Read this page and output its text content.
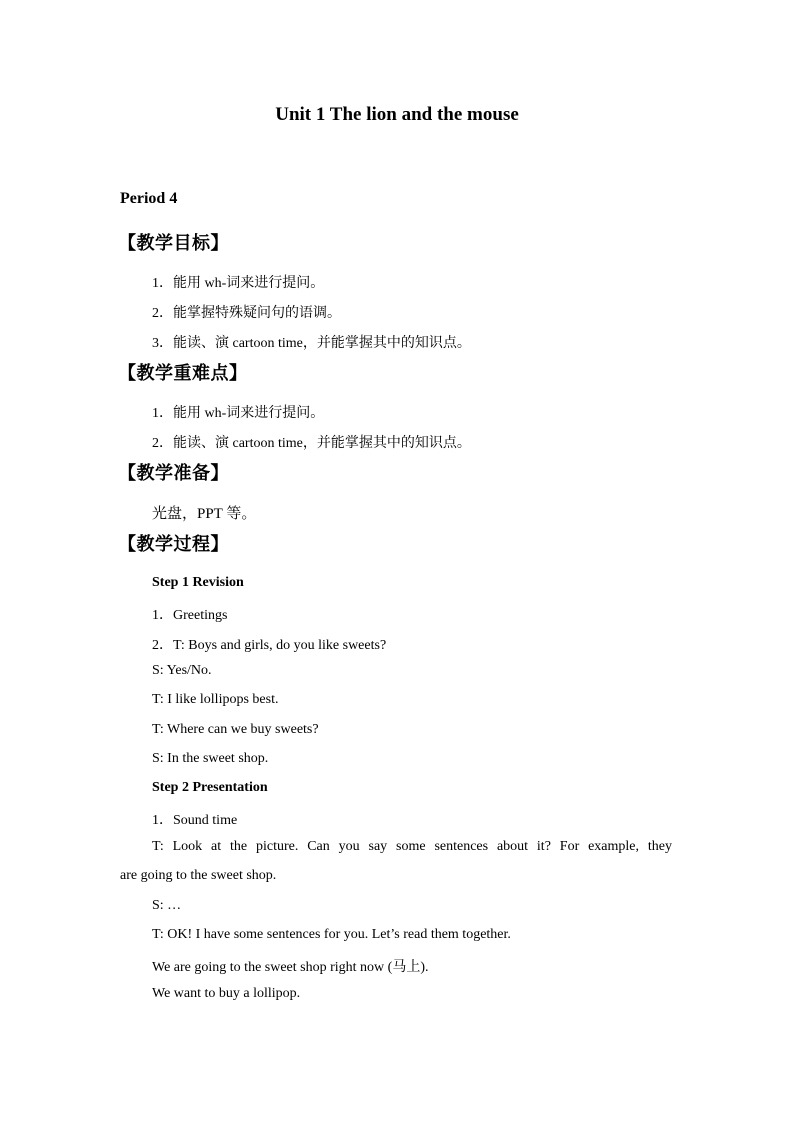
Unit 1 The lion and the mouse
Period 4
【教学目标】
1．能用 wh-词来进行提问。
2．能掌握特殊疑问句的语调。
3．能读、演 cartoon time，并能掌握其中的知识点。
【教学重难点】
1．能用 wh-词来进行提问。
2．能读、演 cartoon time，并能掌握其中的知识点。
【教学准备】
光盘，PPT 等。
【教学过程】
Step 1 Revision
1．Greetings
2．T: Boys and girls, do you like sweets?
S: Yes/No.
T: I like lollipops best.
T: Where can we buy sweets?
S: In the sweet shop.
Step 2 Presentation
1．Sound time
T: Look at the picture. Can you say some sentences about it? For example, they
are going to the sweet shop.
S: …
T: OK! I have some sentences for you. Let’s read them together.
We are going to the sweet shop right now (马上).
We want to buy a lollipop.
